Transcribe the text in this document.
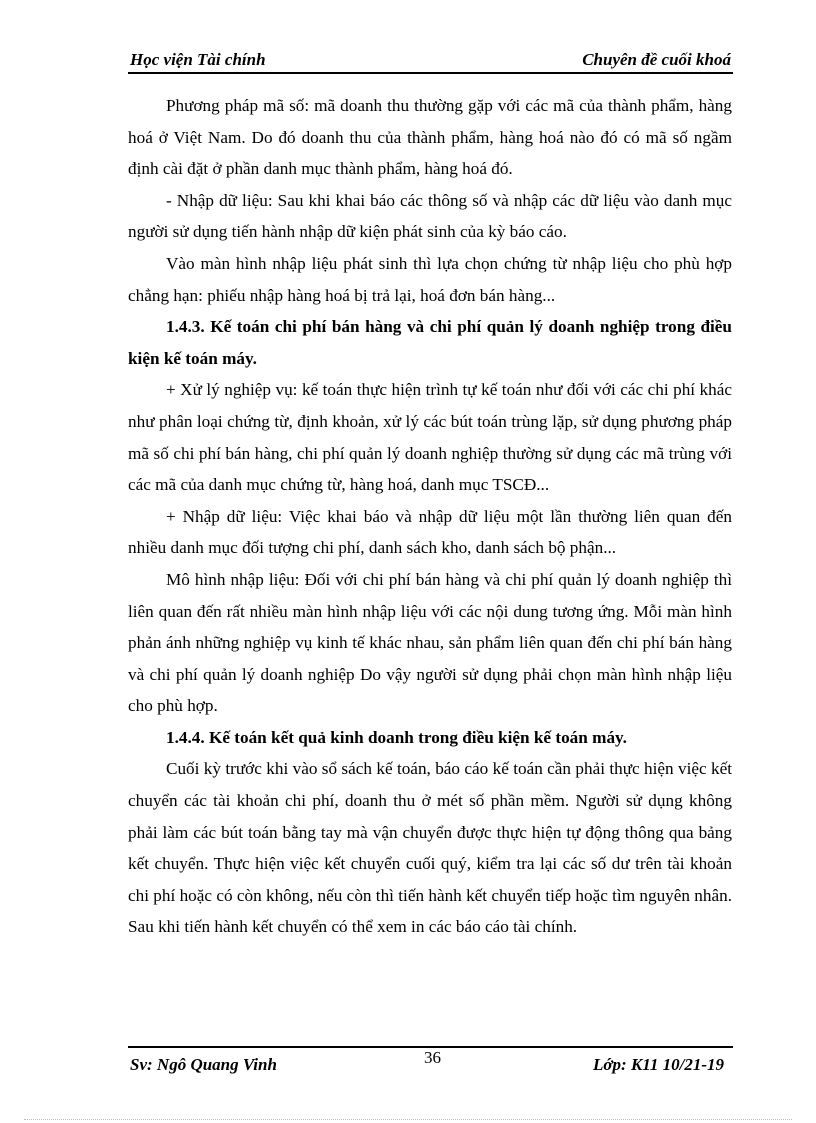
Học viện Tài chính	Chuyên đề cuối khoá

Phương pháp mã số: mã doanh thu thường gặp với các mã của thành phẩm, hàng hoá ở Việt Nam. Do đó doanh thu của thành phẩm, hàng hoá nào đó có mã số ngầm định cài đặt ở phần danh mục thành phẩm, hàng hoá đó.

- Nhập dữ liệu: Sau khi khai báo các thông số và nhập các dữ liệu vào danh mục người sử dụng tiến hành nhập dữ kiện phát sinh của kỳ báo cáo.

Vào màn hình nhập liệu phát sinh thì lựa chọn chứng từ nhập liệu cho phù hợp chẳng hạn: phiếu nhập hàng hoá bị trả lại, hoá đơn bán hàng...

1.4.3. Kế toán chi phí bán hàng và chi phí quản lý doanh nghiệp trong điều kiện kế toán máy.

+ Xử lý nghiệp vụ: kế toán thực hiện trình tự kế toán như đối với các chi phí khác như phân loại chứng từ, định khoản, xử lý các bút toán trùng lặp, sử dụng phương pháp mã số chi phí bán hàng, chi phí quản lý doanh nghiệp thường sử dụng các mã trùng với các mã của danh mục chứng từ, hàng hoá, danh mục TSCĐ...

+ Nhập dữ liệu: Việc khai báo và nhập dữ liệu một lần thường liên quan đến nhiều danh mục đối tượng chi phí, danh sách kho, danh sách bộ phận...

Mô hình nhập liệu: Đối với chi phí bán hàng và chi phí quản lý doanh nghiệp thì liên quan đến rất nhiều màn hình nhập liệu với các nội dung tương ứng. Mỗi màn hình phản ánh những nghiệp vụ kinh tế khác nhau, sản phẩm liên quan đến chi phí bán hàng và chi phí quản lý doanh nghiệp Do vậy người sử dụng phải chọn màn hình nhập liệu cho phù hợp.

1.4.4. Kế toán kết quả kinh doanh trong điều kiện kế toán máy.

Cuối kỳ trước khi vào sổ sách kế toán, báo cáo kế toán cần phải thực hiện việc kết chuyển các tài khoản chi phí, doanh thu ở mét số phần mềm. Người sử dụng không phải làm các bút toán bằng tay mà vận chuyển được thực hiện tự động thông qua bảng kết chuyển. Thực hiện việc kết chuyển cuối quý, kiểm tra lại các số dư trên tài khoản chi phí hoặc có còn không, nếu còn thì tiến hành kết chuyển tiếp hoặc tìm nguyên nhân. Sau khi tiến hành kết chuyển có thể xem in các báo cáo tài chính.

Sv: Ngô Quang Vinh	36	Lớp: K11 10/21-19
